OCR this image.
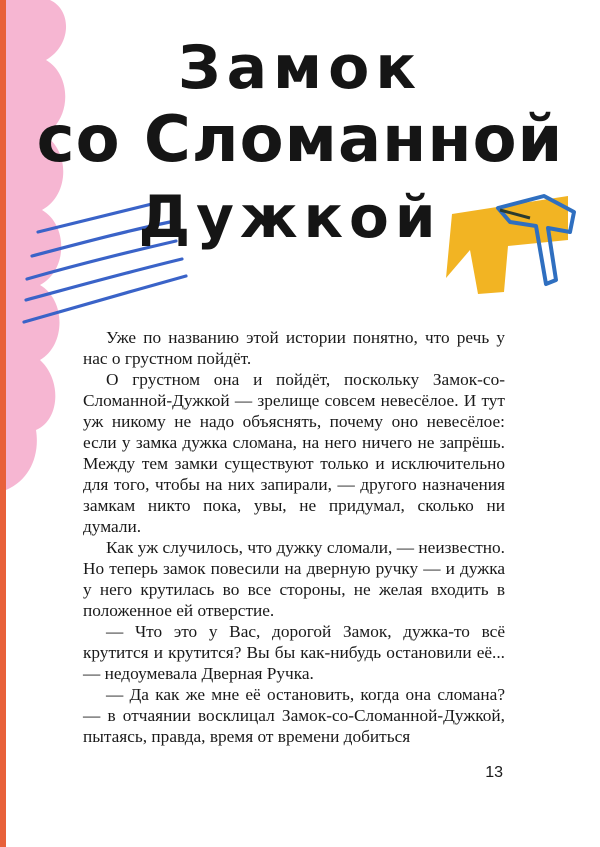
Замок
со Сломанной
Дужкой

Уже по названию этой истории понятно, что речь у нас о грустном пойдёт.

О грустном она и пойдёт, поскольку Замок-со-Сломанной-Дужкой — зрелище совсем невесёлое. И тут уж никому не надо объяснять, почему оно невесёлое: если у замка дужка сломана, на него ничего не запрёшь. Между тем замки существуют только и исключительно для того, чтобы на них запирали, — другого назначения замкам никто пока, увы, не придумал, сколько ни думали.

Как уж случилось, что дужку сломали, — неизвестно. Но теперь замок повесили на дверную ручку — и дужка у него крутилась во все стороны, не желая входить в положенное ей отверстие.

— Что это у Вас, дорогой Замок, дужка-то всё крутится и крутится? Вы бы как-нибудь остановили её... — недоумевала Дверная Ручка.

— Да как же мне её остановить, когда она сломана? — в отчаянии восклицал Замок-со-Сломанной-Дужкой, пытаясь, правда, время от времени добиться

13
